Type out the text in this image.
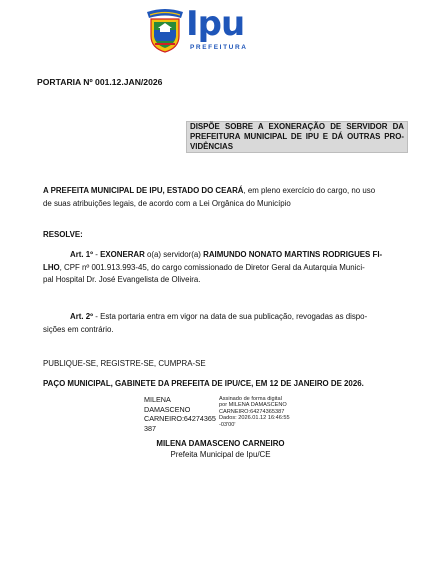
Ipu
PREFEITURA
PORTARIA Nº 001.12.JAN/2026
DISPÕE SOBRE A EXONERAÇÃO DE SERVIDOR DA
PREFEITURA MUNICIPAL DE IPU E DÁ OUTRAS PRO-
VIDÊNCIAS
A PREFEITA MUNICIPAL DE IPU, ESTADO DO CEARÁ, em pleno exercício do cargo, no uso
de suas atribuições legais, de acordo com a Lei Orgânica do Município
RESOLVE:
Art. 1º - EXONERAR o(a) servidor(a) RAIMUNDO NONATO MARTINS RODRIGUES FI-
LHO, CPF nº 001.913.993-45, do cargo comissionado de Diretor Geral da Autarquia Munici-
pal Hospital Dr. José Evangelista de Oliveira.
Art. 2º - Esta portaria entra em vigor na data de sua publicação, revogadas as dispo-
sições em contrário.
PUBLIQUE-SE, REGISTRE-SE, CUMPRA-SE
PAÇO MUNICIPAL, GABINETE DA PREFEITA DE IPU/CE, EM 12 DE JANEIRO DE 2026.
MILENA
DAMASCENO
CARNEIRO:64274365
387
Assinado de forma digital
por MILENA DAMASCENO
CARNEIRO:64274365387
Dados: 2026.01.12 16:46:55
-03'00'
MILENA DAMASCENO CARNEIRO
Prefeita Municipal de Ipu/CE
